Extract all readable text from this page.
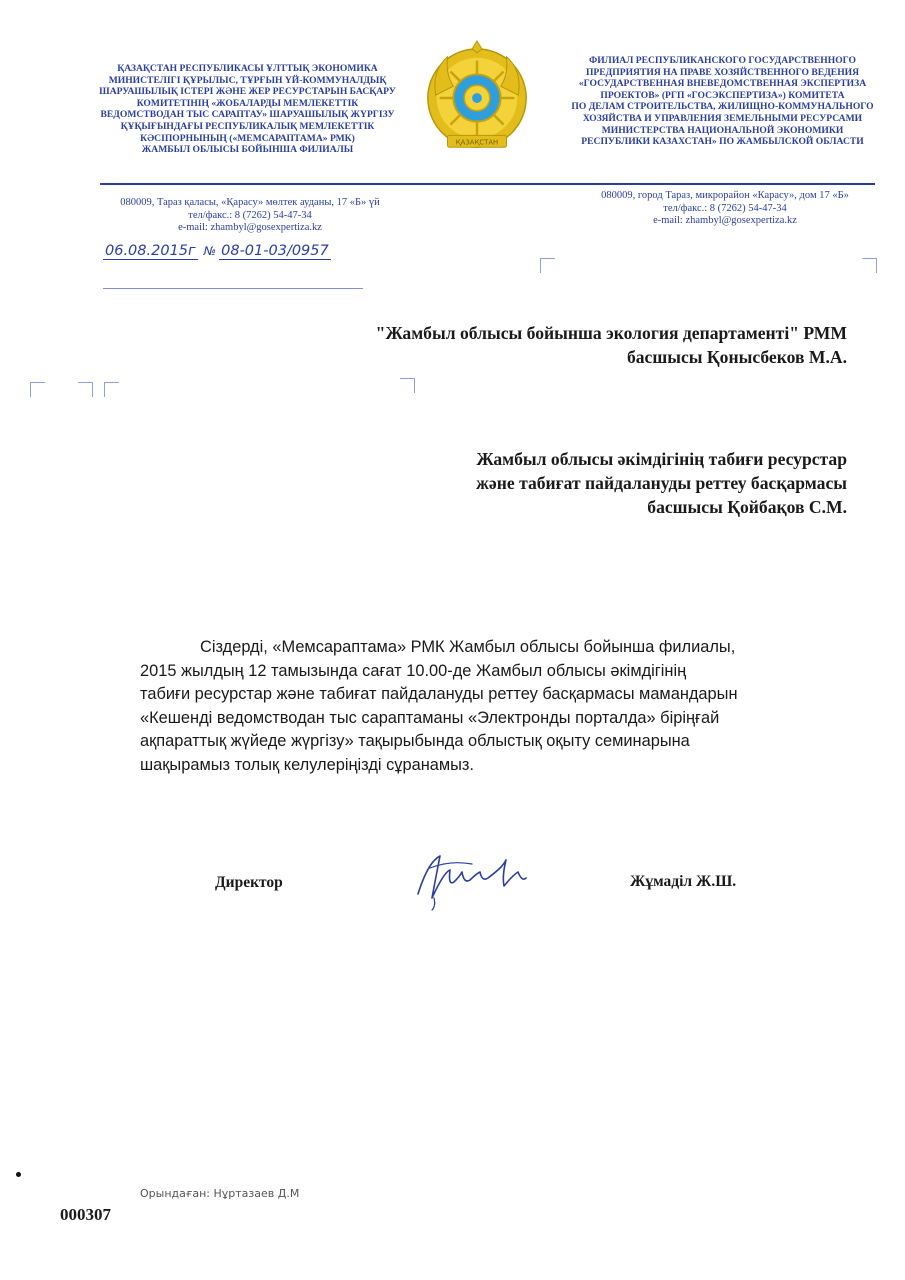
ҚАЗАҚСТАН РЕСПУБЛИКАСЫ ҰЛТТЫҚ ЭКОНОМИКА
МИНИСТЕЛІГІ ҚҰРЫЛЫС, ТҰРҒЫН ҮЙ-КОММУНАЛДЫҚ
ШАРУАШЫЛЫҚ ІСТЕРІ ЖӘНЕ ЖЕР РЕСУРСТАРЫН БАСҚАРУ
КОМИТЕТІНІҢ «ЖОБАЛАРДЫ МЕМЛЕКЕТТІК
ВЕДОМСТВОДАН ТЫС САРАПТАУ» ШАРУАШЫЛЫҚ ЖҮРГІЗУ
ҚҰҚЫҒЫНДАҒЫ РЕСПУБЛИКАЛЫҚ МЕМЛЕКЕТТІК
КӘСІПОРНЫНЫҢ («МЕМСАРАПТАМА» РМК)
ЖАМБЫЛ ОБЛЫСЫ БОЙЫНША ФИЛИАЛЫ
ҚАЗАҚСТАН
ФИЛИАЛ РЕСПУБЛИКАНСКОГО ГОСУДАРСТВЕННОГО
ПРЕДПРИЯТИЯ НА ПРАВЕ ХОЗЯЙСТВЕННОГО ВЕДЕНИЯ
«ГОСУДАРСТВЕННАЯ ВНЕВЕДОМСТВЕННАЯ ЭКСПЕРТИЗА
ПРОЕКТОВ» (РГП «ГОСЭКСПЕРТИЗА») КОМИТЕТА
ПО ДЕЛАМ СТРОИТЕЛЬСТВА, ЖИЛИЩНО-КОММУНАЛЬНОГО
ХОЗЯЙСТВА И УПРАВЛЕНИЯ ЗЕМЕЛЬНЫМИ РЕСУРСАМИ
МИНИСТЕРСТВА НАЦИОНАЛЬНОЙ ЭКОНОМИКИ
РЕСПУБЛИКИ КАЗАХСТАН» ПО ЖАМБЫЛСКОЙ ОБЛАСТИ
080009, Тараз қаласы, «Қарасу» мөлтек ауданы, 17 «Б» үй
тел/факс.: 8 (7262) 54-47-34
e-mail: zhambyl@gosexpertiza.kz
080009, город Тараз, микрорайон «Карасу», дом 17 «Б»
тел/факс.: 8 (7262) 54-47-34
e-mail: zhambyl@gosexpertiza.kz
06.08.2015г № 08-01-03/0957
"Жамбыл облысы бойынша экология департаменті" РММ
басшысы Қонысбеков М.А.
Жамбыл облысы әкімдігінің табиғи ресурстар
және табиғат пайдалануды реттеу басқармасы
басшысы Қойбақов С.М.
Сіздерді, «Мемсараптама» РМК Жамбыл облысы бойынша филиалы,
2015 жылдың 12 тамызында сағат 10.00-де Жамбыл облысы әкімдігінің
табиғи ресурстар және табиғат пайдалануды реттеу басқармасы мамандарын
«Кешенді ведомстводан тыс сараптаманы «Электронды порталда» біріңғай
ақпараттық жүйеде жүргізу» тақырыбында облыстық оқыту семинарына
шақырамыз толық келулеріңізді сұранамыз.
Директор	Жұмаділ Ж.Ш.
Орындаған: Нұртазаев Д.М
000307
